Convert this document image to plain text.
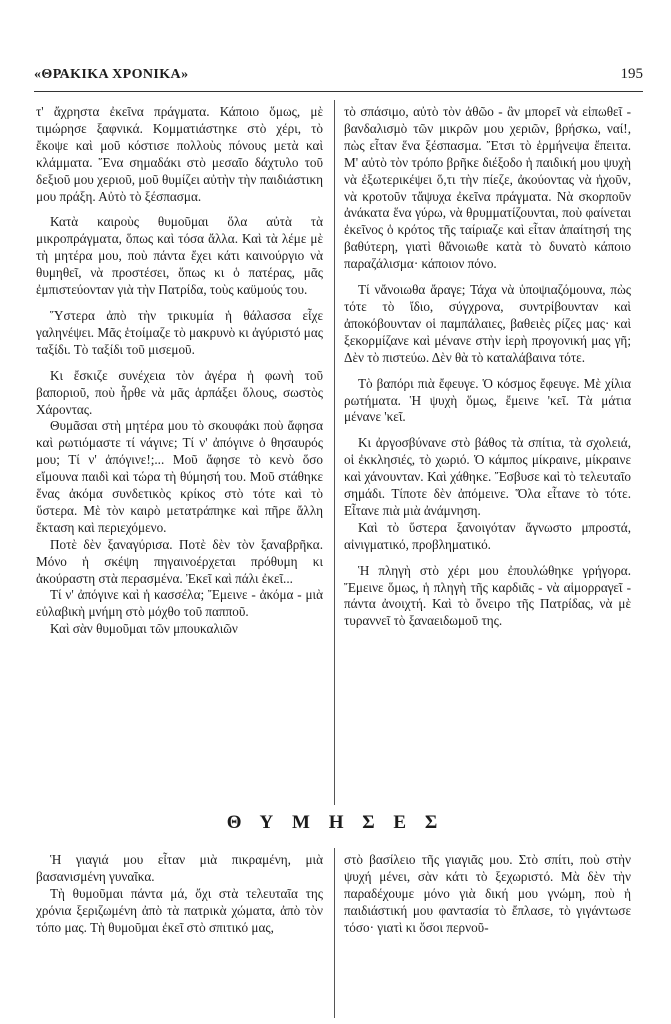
«ΘΡΑΚΙΚΑ ΧΡΟΝΙΚΑ»	195

τ' ἄχρηστα ἐκεῖνα πράγματα. Κάποιο ὅμως, μὲ τιμώρησε ξαφνικά. Κομματιάστηκε στὸ χέρι, τὸ ἔκοψε καὶ μοῦ κόστισε πολλοὺς πόνους μετὰ καὶ κλάμματα. Ἕνα σημαδάκι στὸ μεσαῖο δάχτυλο τοῦ δεξιοῦ μου χεριοῦ, μοῦ θυμίζει αὐτὴν τὴν παιδιάστικη μου πράξη. Αὐτὸ τὸ ξέσπασμα.

Κατὰ καιροὺς θυμοῦμαι ὅλα αὐτὰ τὰ μικροπράγματα, ὅπως καὶ τόσα ἄλλα. Καὶ τὰ λέμε μὲ τὴ μητέρα μου, ποὺ πάντα ἔχει κάτι καινούργιο νὰ θυμηθεῖ, νὰ προστέσει, ὅπως κι ὁ πατέρας, μᾶς ἐμπιστεύονταν γιὰ τὴν Πατρίδα, τοὺς καϋμούς του.

Ὕστερα ἀπὸ τὴν τρικυμία ἡ θάλασσα εἶχε γαληνέψει. Μᾶς ἑτοίμαζε τὸ μακρυνὸ κι ἀγύριστό μας ταξίδι. Τὸ ταξίδι τοῦ μισεμοῦ.

Κι ἔσκιζε συνέχεια τὸν ἀγέρα ἡ φωνὴ τοῦ βαποριοῦ, ποὺ ἦρθε νὰ μᾶς ἁρπάξει ὅλους, σωστὸς Χάροντας.

Θυμᾶσαι στὴ μητέρα μου τὸ σκουφάκι ποὺ ἄφησα καὶ ρωτιόμαστε τί νάγινε; Τί ν' ἀπόγινε ὁ θησαυρός μου; Τί ν' ἀπόγινε!;... Μοῦ ἄφησε τὸ κενὸ ὅσο εἴμουνα παιδὶ καὶ τώρα τὴ θύμησή του. Μοῦ στάθηκε ἕνας ἀκόμα συνδετικὸς κρίκος στὸ τότε καὶ τὸ ὕστερα. Μὲ τὸν καιρὸ μετατράπηκε καὶ πῆρε ἄλλη ἔκταση καὶ περιεχόμενο.

Ποτὲ δὲν ξαναγύρισα. Ποτὲ δὲν τὸν ξαναβρῆκα. Μόνο ἡ σκέψη πηγαινοέρχεται πρόθυμη κι ἀκούραστη στὰ περασμένα. Ἐκεῖ καὶ πάλι ἐκεῖ...

Τί ν' ἀπόγινε καὶ ἡ κασσέλα; Ἔμεινε - ἀκόμα - μιὰ εὐλαβικὴ μνήμη στὸ μόχθο τοῦ παπποῦ.

Καὶ σὰν θυμοῦμαι τῶν μπουκαλιῶν

τὸ σπάσιμο, αὐτὸ τὸν ἀθῶο - ἂν μπορεῖ νὰ εἰπωθεῖ - βανδαλισμὸ τῶν μικρῶν μου χεριῶν, βρήσκω, ναί!, πὼς εἶταν ἕνα ξέσπασμα. Ἔτσι τὸ ἑρμήνεψα ἔπειτα. Μ' αὐτὸ τὸν τρόπο βρῆκε διέξοδο ἡ παιδική μου ψυχὴ νὰ ἐξωτερικέψει ὅ,τι τὴν πίεζε, ἀκούοντας νὰ ἠχοῦν, νὰ κροτοῦν τἄψυχα ἐκεῖνα πράγματα. Νὰ σκορποῦν ἀνάκατα ἕνα γύρω, νὰ θρυμματίζουνται, ποὺ φαίνεται ἐκεῖνος ὁ κρότος τῆς ταίριαζε καὶ εἶταν ἀπαίτησή της βαθύτερη, γιατὶ θἄνοιωθε κατὰ τὸ δυνατὸ κάποιο παραζάλισμα· κάποιον πόνο.

Τί νἄνοιωθα ἄραγε; Τάχα νὰ ὑποψιαζόμουνα, πὼς τότε τὸ ἴδιο, σύγχρονα, συντρίβουνταν καὶ ἀποκόβουνταν οἱ παμπάλαιες, βαθειὲς ρίζες μας· καὶ ξεκορμίζανε καὶ μένανε στὴν ἱερὴ προγονική μας γῆ; Δὲν τὸ πιστεύω. Δὲν θὰ τὸ καταλάβαινα τότε.

Τὸ βαπόρι πιὰ ἔφευγε. Ὁ κόσμος ἔφευγε. Μὲ χίλια ρωτήματα. Ἡ ψυχὴ ὅμως, ἔμεινε 'κεῖ. Τὰ μάτια μένανε 'κεῖ.

Κι ἀργοσβύνανε στὸ βάθος τὰ σπίτια, τὰ σχολειά, οἱ ἐκκλησιές, τὸ χωριό. Ὁ κάμπος μίκραινε, μίκραινε καὶ χάνουνταν. Καὶ χάθηκε. Ἔσβυσε καὶ τὸ τελευταῖο σημάδι. Τίποτε δὲν ἀπόμεινε. Ὅλα εἶτανε τὸ τότε. Εἶτανε πιὰ μιὰ ἀνάμνηση.

Καὶ τὸ ὕστερα ξανοιγόταν ἄγνωστο μπροστά, αἰνιγματικό, προβληματικό.

Ἡ πληγὴ στὸ χέρι μου ἐπουλώθηκε γρήγορα. Ἔμεινε ὅμως, ἡ πληγὴ τῆς καρδιᾶς - νὰ αἱμορραγεῖ - πάντα ἀνοιχτή. Καὶ τὸ ὄνειρο τῆς Πατρίδας, νὰ μὲ τυραννεῖ τὸ ξαναειδωμοῦ της.

Θ Υ Μ Η Σ Ε Σ

Ἡ γιαγιά μου εἶταν μιὰ πικραμένη, μιὰ βασανισμένη γυναῖκα.

Τὴ θυμοῦμαι πάντα μά, ὄχι στὰ τελευταῖα της χρόνια ξεριζωμένη ἀπὸ τὰ πατρικὰ χώματα, ἀπὸ τὸν τόπο μας. Τὴ θυμοῦμαι ἐκεῖ στὸ σπιτικό μας,

στὸ βασίλειο τῆς γιαγιᾶς μου. Στὸ σπίτι, ποὺ στὴν ψυχή μένει, σὰν κάτι τὸ ξεχωριστό. Μὰ δὲν τὴν παραδέχουμε μόνο γιὰ δική μου γνώμη, ποὺ ἡ παιδιάστική μου φαντασία τὸ ἔπλασε, τὸ γιγάντωσε τόσο· γιατὶ κι ὅσοι περνοῦ-
